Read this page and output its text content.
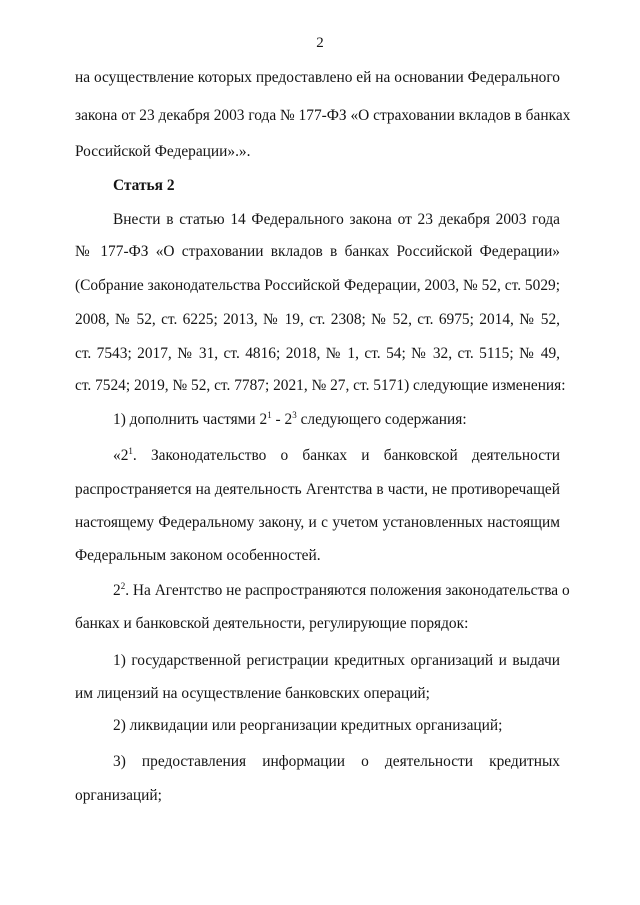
2
на осуществление которых предоставлено ей на основании Федерального
закона от 23 декабря 2003 года № 177-ФЗ «О страховании вкладов в банках
Российской Федерации».».
Статья 2
Внести в статью 14 Федерального закона от 23 декабря 2003 года
№ 177-ФЗ «О страховании вкладов в банках Российской Федерации»
(Собрание законодательства Российской Федерации, 2003, № 52, ст. 5029;
2008, № 52, ст. 6225; 2013, № 19, ст. 2308; № 52, ст. 6975; 2014, № 52,
ст. 7543; 2017, № 31, ст. 4816; 2018, № 1, ст. 54; № 32, ст. 5115; № 49,
ст. 7524; 2019, № 52, ст. 7787; 2021, № 27, ст. 5171) следующие изменения:
1) дополнить частями $2^1 - 2^3$ следующего содержания:
«$2^1$. Законодательство о банках и банковской деятельности
распространяется на деятельность Агентства в части, не противоречащей
настоящему Федеральному закону, и с учетом установленных настоящим
Федеральным законом особенностей.
$2^2$. На Агентство не распространяются положения законодательства о
банках и банковской деятельности, регулирующие порядок:
1) государственной регистрации кредитных организаций и выдачи
им лицензий на осуществление банковских операций;
2) ликвидации или реорганизации кредитных организаций;
3) предоставления информации о деятельности кредитных
организаций;
